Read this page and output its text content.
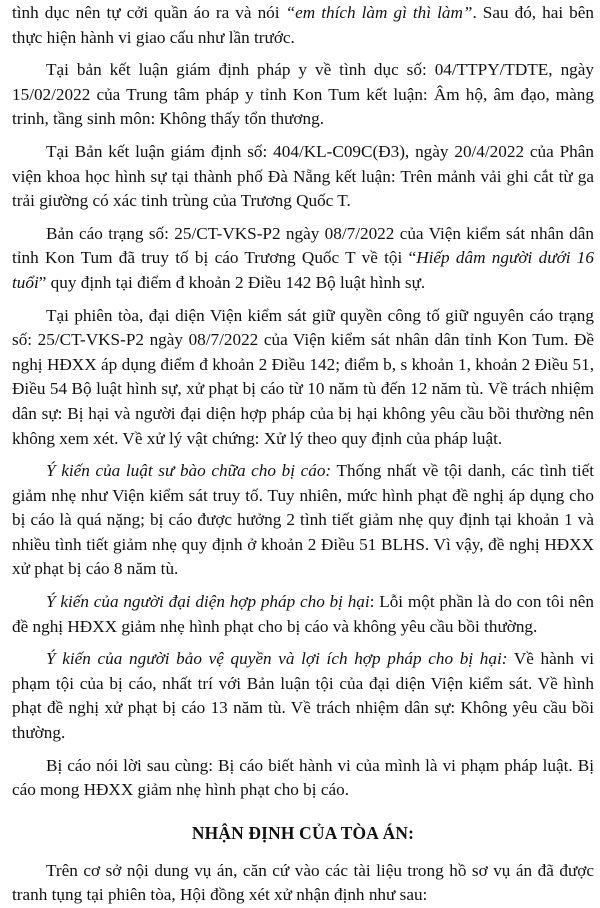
tình dục nên tự cởi quần áo ra và nói “em thích làm gì thì làm”. Sau đó, hai bên thực hiện hành vi giao cấu như lần trước.

Tại bản kết luận giám định pháp y về tình dục số: 04/TTPY/TDTE, ngày 15/02/2022 của Trung tâm pháp y tỉnh Kon Tum kết luận: Âm hộ, âm đạo, màng trinh, tầng sinh môn: Không thấy tổn thương.

Tại Bản kết luận giám định số: 404/KL-C09C(Đ3), ngày 20/4/2022 của Phân viện khoa học hình sự tại thành phố Đà Nẵng kết luận: Trên mảnh vải ghi cắt từ ga trải giường có xác tinh trùng của Trương Quốc T.

Bản cáo trạng số: 25/CT-VKS-P2 ngày 08/7/2022 của Viện kiểm sát nhân dân tỉnh Kon Tum đã truy tố bị cáo Trương Quốc T về tội “Hiếp dâm người dưới 16 tuổi” quy định tại điểm đ khoản 2 Điều 142 Bộ luật hình sự.

Tại phiên tòa, đại diện Viện kiểm sát giữ quyền công tố giữ nguyên cáo trạng số: 25/CT-VKS-P2 ngày 08/7/2022 của Viện kiểm sát nhân dân tỉnh Kon Tum. Đề nghị HĐXX áp dụng điểm đ khoản 2 Điều 142; điểm b, s khoản 1, khoản 2 Điều 51, Điều 54 Bộ luật hình sự, xử phạt bị cáo từ 10 năm tù đến 12 năm tù. Về trách nhiệm dân sự: Bị hại và người đại diện hợp pháp của bị hại không yêu cầu bồi thường nên không xem xét. Về xử lý vật chứng: Xử lý theo quy định của pháp luật.

Ý kiến của luật sư bào chữa cho bị cáo: Thống nhất về tội danh, các tình tiết giảm nhẹ như Viện kiểm sát truy tố. Tuy nhiên, mức hình phạt đề nghị áp dụng cho bị cáo là quá nặng; bị cáo được hưởng 2 tình tiết giảm nhẹ quy định tại khoản 1 và nhiều tình tiết giảm nhẹ quy định ở khoản 2 Điều 51 BLHS. Vì vậy, đề nghị HĐXX xử phạt bị cáo 8 năm tù.

Ý kiến của người đại diện hợp pháp cho bị hại: Lỗi một phần là do con tôi nên đề nghị HĐXX giảm nhẹ hình phạt cho bị cáo và không yêu cầu bồi thường.

Ý kiến của người bảo vệ quyền và lợi ích hợp pháp cho bị hại: Về hành vi phạm tội của bị cáo, nhất trí với Bản luận tội của đại diện Viện kiểm sát. Về hình phạt đề nghị xử phạt bị cáo 13 năm tù. Về trách nhiệm dân sự: Không yêu cầu bồi thường.

Bị cáo nói lời sau cùng: Bị cáo biết hành vi của mình là vi phạm pháp luật. Bị cáo mong HĐXX giảm nhẹ hình phạt cho bị cáo.

NHẬN ĐỊNH CỦA TÒA ÁN:

Trên cơ sở nội dung vụ án, căn cứ vào các tài liệu trong hồ sơ vụ án đã được tranh tụng tại phiên tòa, Hội đồng xét xử nhận định như sau:
